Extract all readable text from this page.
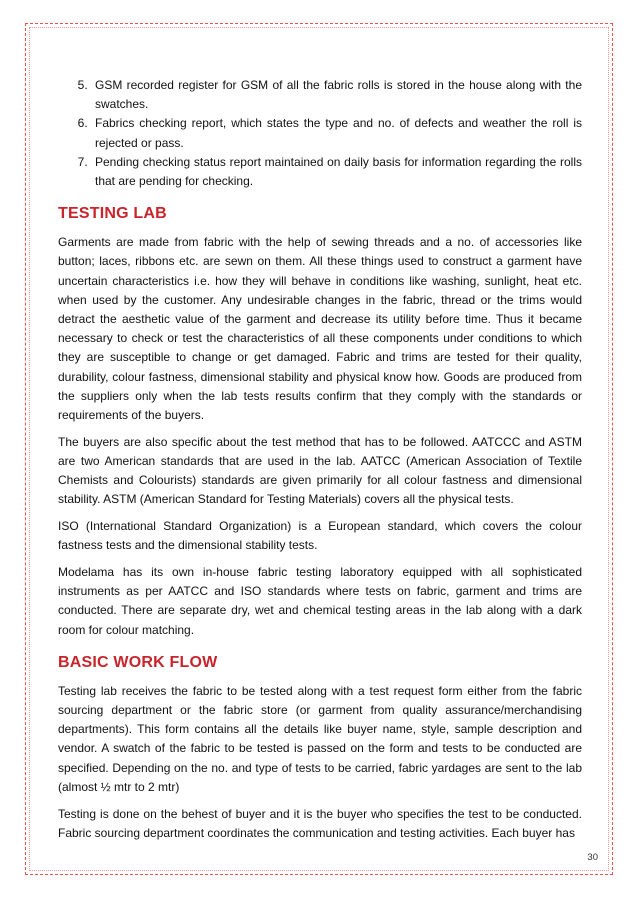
5. GSM recorded register for GSM of all the fabric rolls is stored in the house along with the swatches.
6. Fabrics checking report, which states the type and no. of defects and weather the roll is rejected or pass.
7. Pending checking status report maintained on daily basis for information regarding the rolls that are pending for checking.
TESTING LAB

Garments are made from fabric with the help of sewing threads and a no. of accessories like button; laces, ribbons etc. are sewn on them. All these things used to construct a garment have uncertain characteristics i.e. how they will behave in conditions like washing, sunlight, heat etc. when used by the customer. Any undesirable changes in the fabric, thread or the trims would detract the aesthetic value of the garment and decrease its utility before time. Thus it became necessary to check or test the characteristics of all these components under conditions to which they are susceptible to change or get damaged. Fabric and trims are tested for their quality, durability, colour fastness, dimensional stability and physical know how. Goods are produced from the suppliers only when the lab tests results confirm that they comply with the standards or requirements of the buyers.

The buyers are also specific about the test method that has to be followed. AATCCC and ASTM are two American standards that are used in the lab. AATCC (American Association of Textile Chemists and Colourists) standards are given primarily for all colour fastness and dimensional stability. ASTM (American Standard for Testing Materials) covers all the physical tests.

ISO (International Standard Organization) is a European standard, which covers the colour fastness tests and the dimensional stability tests.

Modelama has its own in-house fabric testing laboratory equipped with all sophisticated instruments as per AATCC and ISO standards where tests on fabric, garment and trims are conducted. There are separate dry, wet and chemical testing areas in the lab along with a dark room for colour matching.

BASIC WORK FLOW

Testing lab receives the fabric to be tested along with a test request form either from the fabric sourcing department or the fabric store (or garment from quality assurance/merchandising departments). This form contains all the details like buyer name, style, sample description and vendor. A swatch of the fabric to be tested is passed on the form and tests to be conducted are specified. Depending on the no. and type of tests to be carried, fabric yardages are sent to the lab (almost ½ mtr to 2 mtr)

Testing is done on the behest of buyer and it is the buyer who specifies the test to be conducted. Fabric sourcing department coordinates the communication and testing activities. Each buyer has

30
